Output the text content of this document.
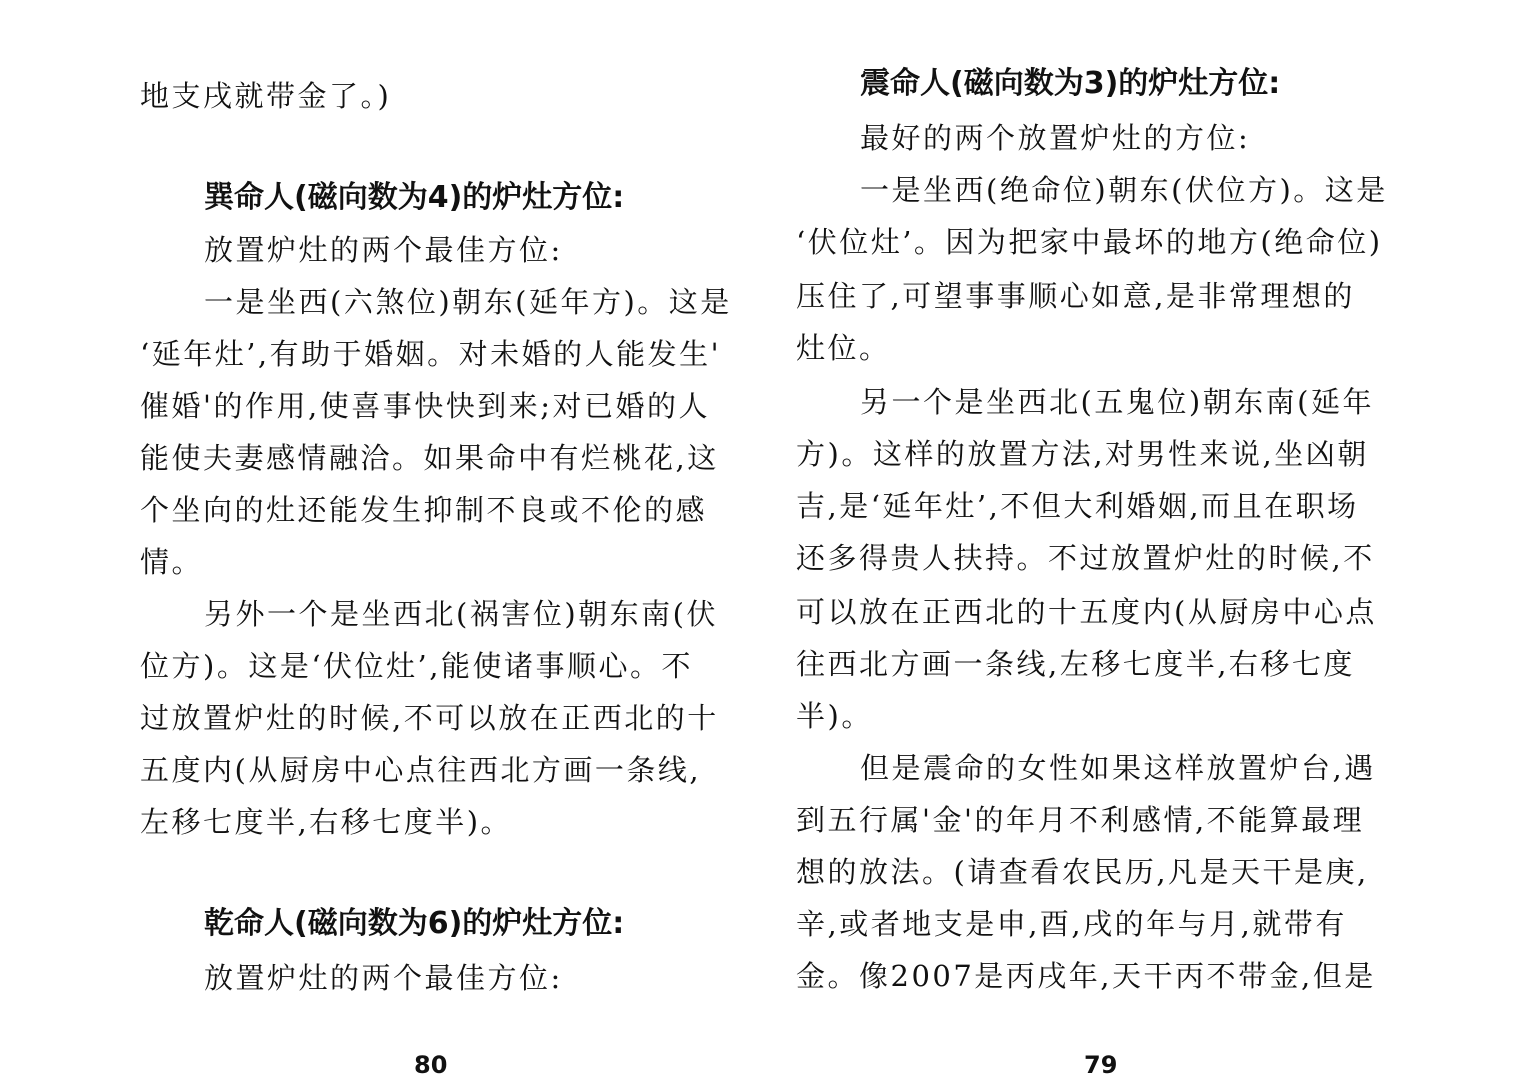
地支戌就带金了。)
巽命人(磁向数为4)的炉灶方位:
放置炉灶的两个最佳方位:
一是坐西(六煞位)朝东(延年方)。这是
‘延年灶’,有助于婚姻。对未婚的人能发生'
催婚'的作用,使喜事快快到来;对已婚的人
能使夫妻感情融洽。如果命中有烂桃花,这
个坐向的灶还能发生抑制不良或不伦的感
情。
另外一个是坐西北(祸害位)朝东南(伏
位方)。这是‘伏位灶’,能使诸事顺心。不
过放置炉灶的时候,不可以放在正西北的十
五度内(从厨房中心点往西北方画一条线,
左移七度半,右移七度半)。
乾命人(磁向数为6)的炉灶方位:
放置炉灶的两个最佳方位:
80
震命人(磁向数为3)的炉灶方位:
最好的两个放置炉灶的方位:
一是坐西(绝命位)朝东(伏位方)。这是
‘伏位灶’。因为把家中最坏的地方(绝命位)
压住了,可望事事顺心如意,是非常理想的
灶位。
另一个是坐西北(五鬼位)朝东南(延年
方)。这样的放置方法,对男性来说,坐凶朝
吉,是‘延年灶’,不但大利婚姻,而且在职场
还多得贵人扶持。不过放置炉灶的时候,不
可以放在正西北的十五度内(从厨房中心点
往西北方画一条线,左移七度半,右移七度
半)。
但是震命的女性如果这样放置炉台,遇
到五行属'金'的年月不利感情,不能算最理
想的放法。(请查看农民历,凡是天干是庚,
辛,或者地支是申,酉,戌的年与月,就带有
金。像2007是丙戌年,天干丙不带金,但是
79
